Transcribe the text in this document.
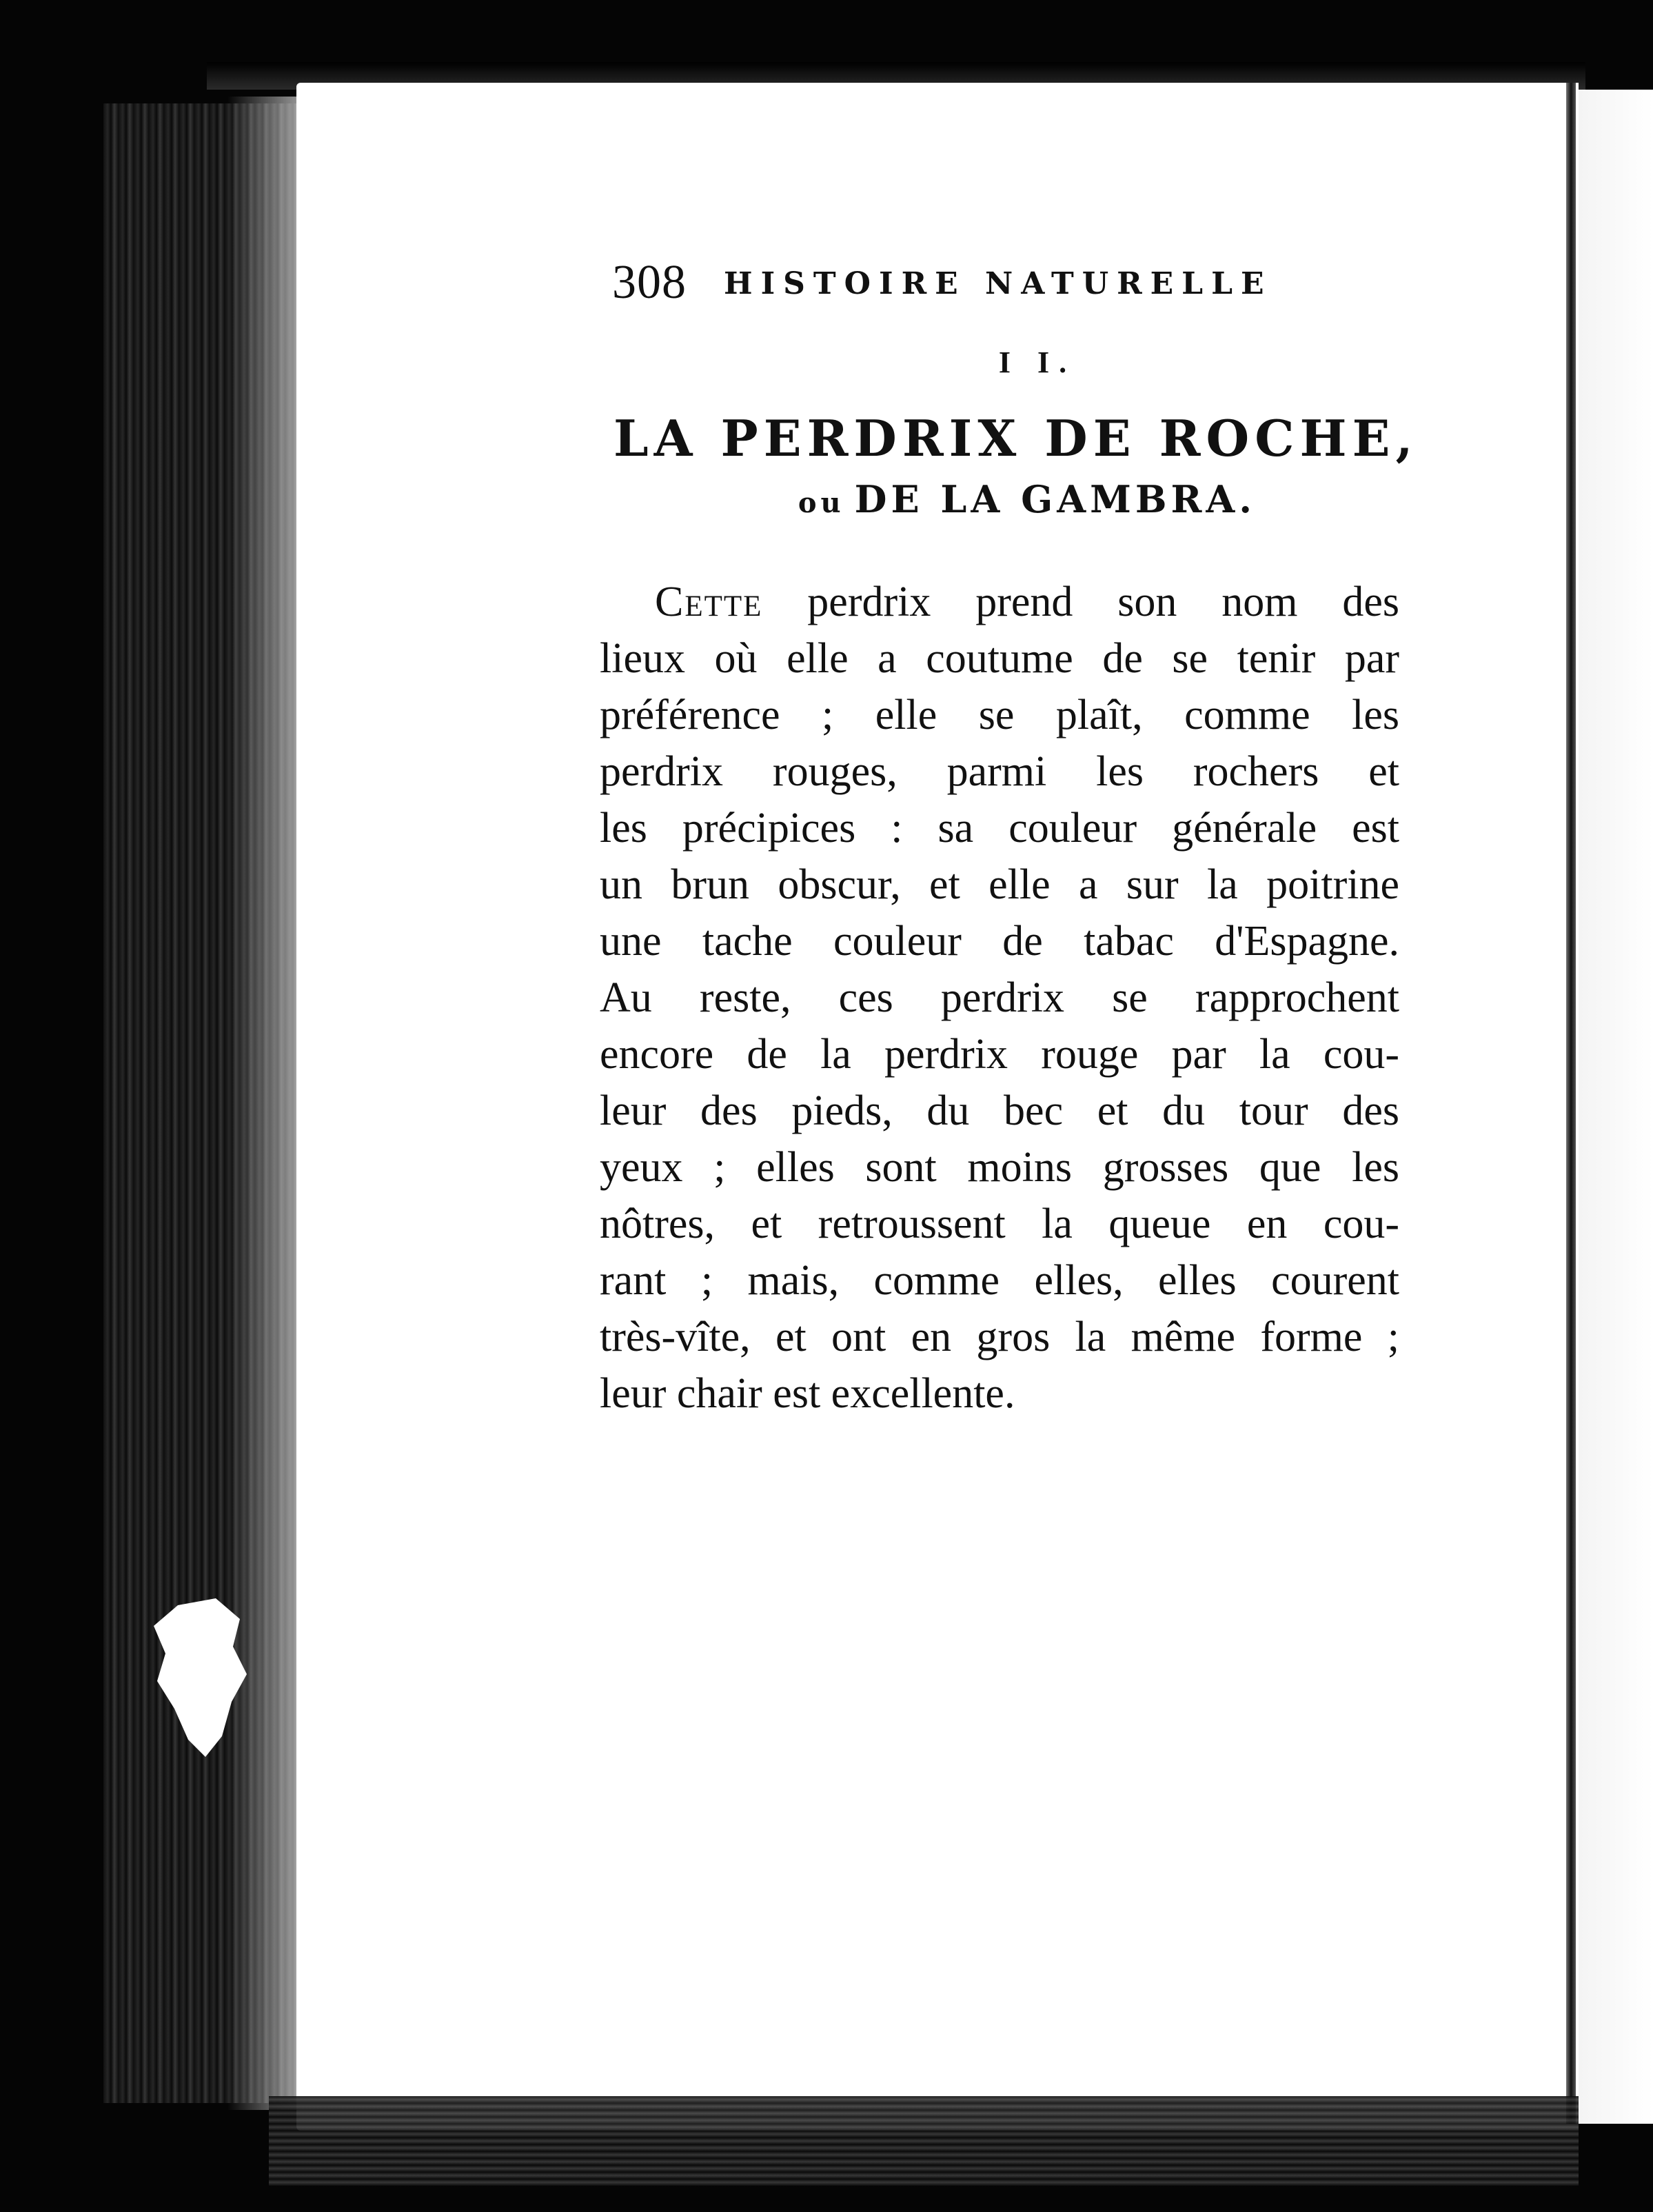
308 HISTOIRE NATURELLE
I I.
LA PERDRIX DE ROCHE,
ou DE LA GAMBRA.
Cette perdrix prend son nom des
lieux où elle a coutume de se tenir par
préférence ; elle se plaît, comme les
perdrix rouges, parmi les rochers et
les précipices : sa couleur générale est
un brun obscur, et elle a sur la poitrine
une tache couleur de tabac d'Espagne.
Au reste, ces perdrix se rapprochent
encore de la perdrix rouge par la cou-
leur des pieds, du bec et du tour des
yeux ; elles sont moins grosses que les
nôtres, et retroussent la queue en cou-
rant ; mais, comme elles, elles courent
très-vîte, et ont en gros la même forme ;
leur chair est excellente.
